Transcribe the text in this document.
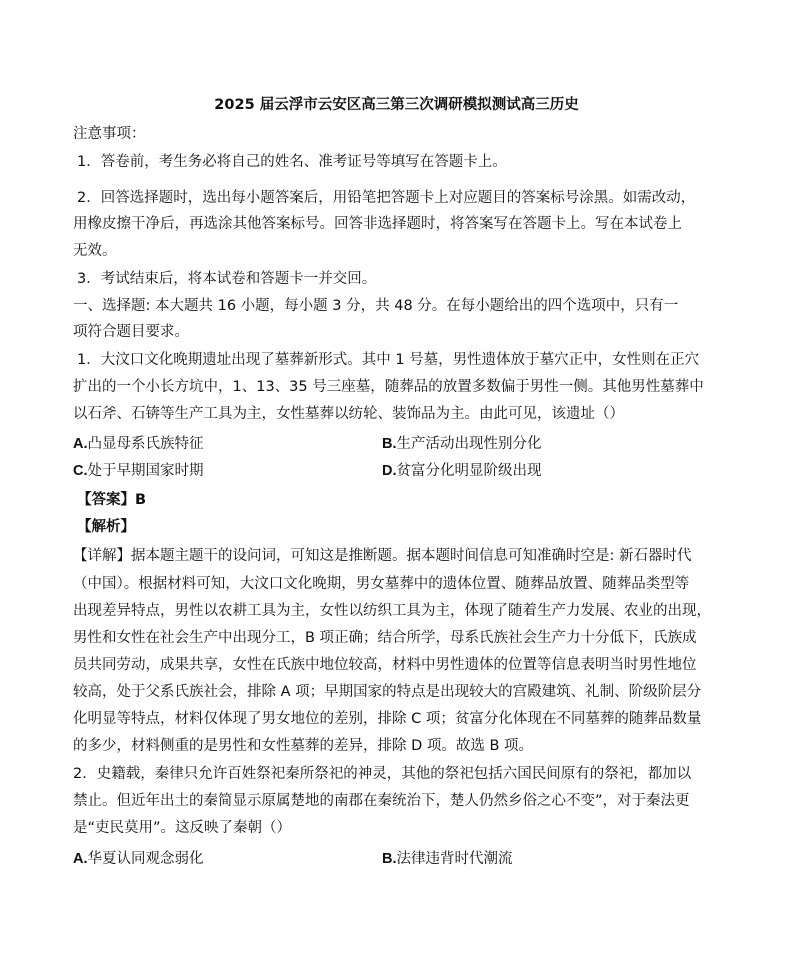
2025 届云浮市云安区高三第三次调研模拟测试高三历史
注意事项：
1．答卷前，考生务必将自己的姓名、准考证号等填写在答题卡上。
2．回答选择题时，选出每小题答案后，用铅笔把答题卡上对应题目的答案标号涂黑。如需改动，
用橡皮擦干净后，再选涂其他答案标号。回答非选择题时，将答案写在答题卡上。写在本试卷上
无效。
3．考试结束后，将本试卷和答题卡一并交回。
一、选择题: 本大题共 16 小题，每小题 3 分，共 48 分。在每小题给出的四个选项中，只有一
项符合题目要求。
1．大汶口文化晚期遗址出现了墓葬新形式。其中 1 号墓，男性遗体放于墓穴正中，女性则在正穴
扩出的一个小长方坑中，1、13、35 号三座墓，随葬品的放置多数偏于男性一侧。其他男性墓葬中
以石斧、石锛等生产工具为主，女性墓葬以纺轮、装饰品为主。由此可见，该遗址（）
A.凸显母系氏族特征	B.生产活动出现性别分化
C.处于早期国家时期	D.贫富分化明显阶级出现
【答案】B
【解析】
【详解】据本题主题干的设问词，可知这是推断题。据本题时间信息可知准确时空是: 新石器时代
（中国）。根据材料可知，大汶口文化晚期，男女墓葬中的遗体位置、随葬品放置、随葬品类型等
出现差异特点，男性以农耕工具为主，女性以纺织工具为主，体现了随着生产力发展、农业的出现，
男性和女性在社会生产中出现分工，B 项正确；结合所学，母系氏族社会生产力十分低下，氏族成
员共同劳动，成果共享，女性在氏族中地位较高，材料中男性遗体的位置等信息表明当时男性地位
较高，处于父系氏族社会，排除 A 项；早期国家的特点是出现较大的宫殿建筑、礼制、阶级阶层分
化明显等特点，材料仅体现了男女地位的差别，排除 C 项；贫富分化体现在不同墓葬的随葬品数量
的多少，材料侧重的是男性和女性墓葬的差异，排除 D 项。故选 B 项。
2．史籍载，秦律只允许百姓祭祀秦所祭祀的神灵，其他的祭祀包括六国民间原有的祭祀，都加以
禁止。但近年出土的秦简显示原属楚地的南郡在秦统治下，楚人仍然乡俗之心不变”，对于秦法更
是“吏民莫用”。这反映了秦朝（）
A.华夏认同观念弱化	B.法律违背时代潮流
